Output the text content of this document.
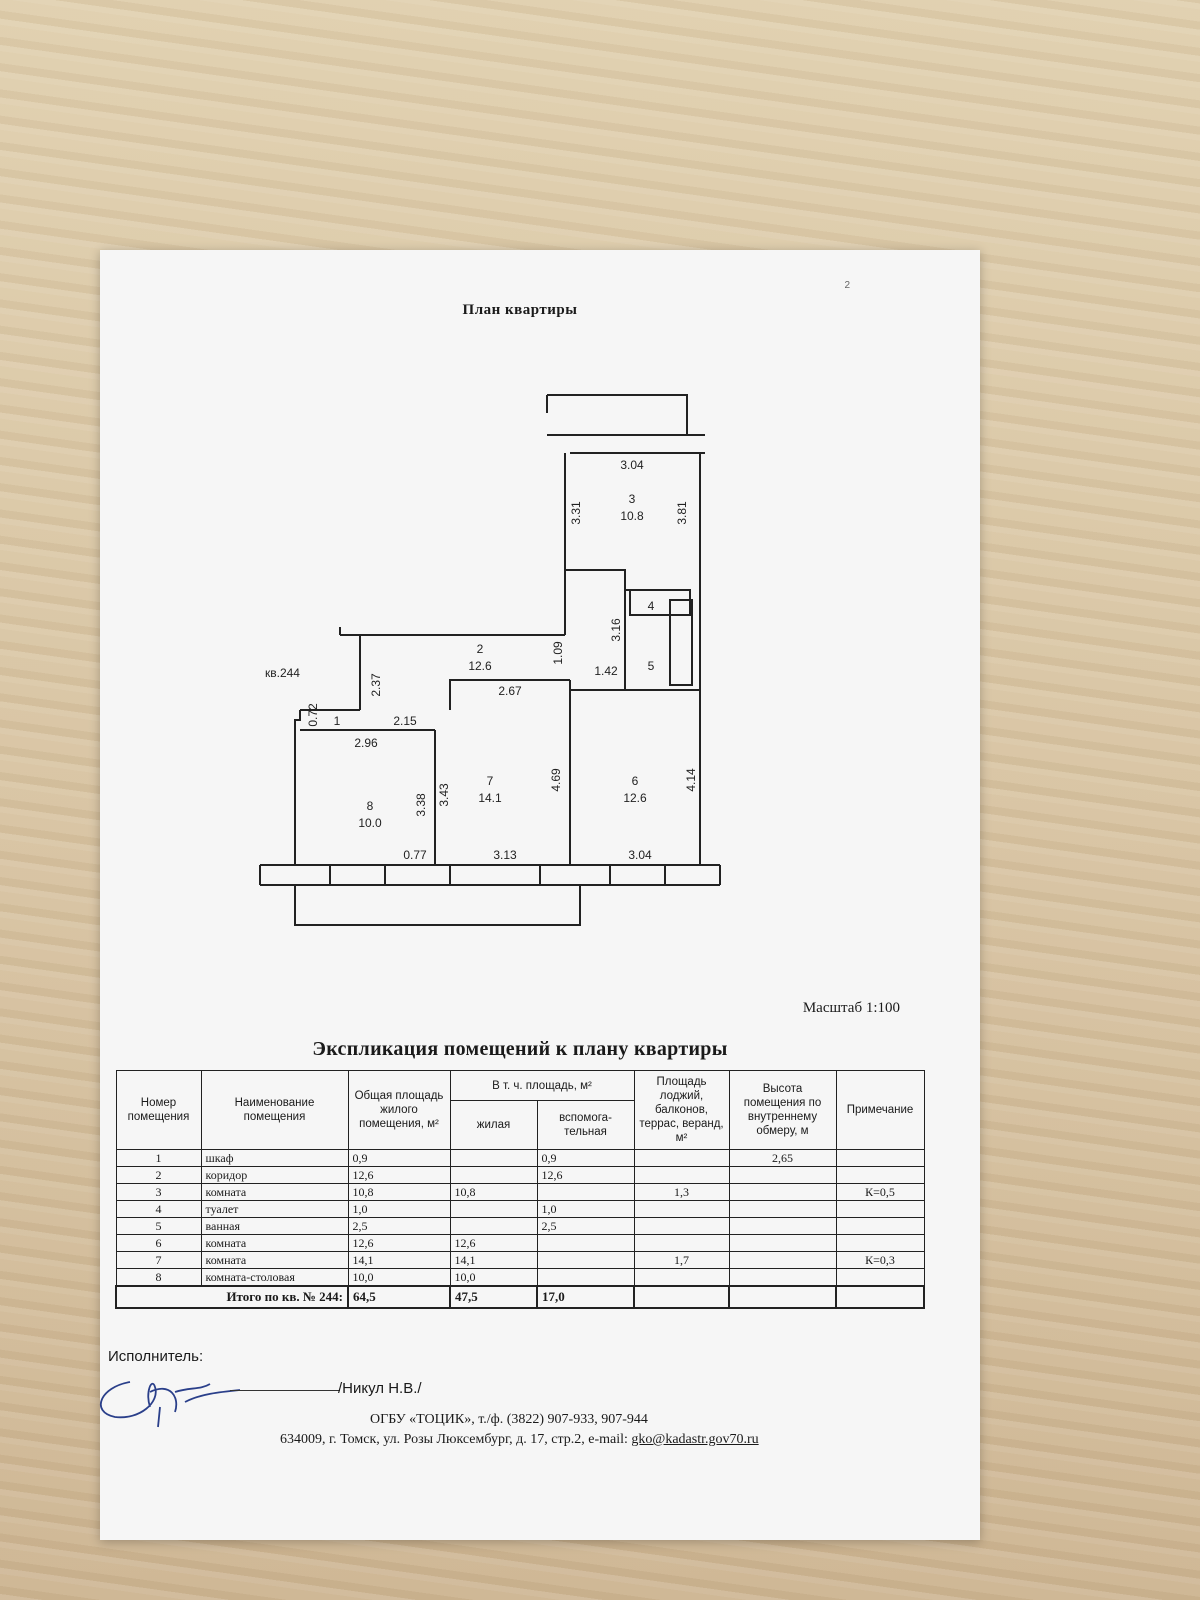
2
План квартиры
3
10.8
2
12.6
4
5
1
7
14.1
6
12.6
8
10.0
кв.244
3.04
3.31	3.81
3.16
1.09
1.42
2.37	2.67
0.72	2.15
2.96
3.38 3.43
4.69	4.14
0.77	3.13	3.04
Масштаб 1:100
Экспликация помещений к плану квартиры
Номер помещения	Наименование помещения	Общая площадь жилого помещения, м²	В т. ч. площадь, м²		Площадь лоджий, балконов, террас, веранд, м²	Высота помещения по внутреннему обмеру, м	Примечание
			жилая	вспомога-тельная			
1	шкаф	0,9		0,9		2,65	
2	коридор	12,6		12,6			
3	комната	10,8	10,8		1,3		К=0,5
4	туалет	1,0		1,0			
5	ванная	2,5		2,5			
6	комната	12,6	12,6				
7	комната	14,1	14,1		1,7		К=0,3
8	комната-столовая	10,0	10,0				
Итого по кв. № 244:		64,5	47,5	17,0			
Исполнитель:
/Никул Н.В./
ОГБУ «ТОЦИК», т./ф. (3822) 907-933, 907-944
634009, г. Томск, ул. Розы Люксембург, д. 17, стр.2, e-mail: gko@kadastr.gov70.ru
